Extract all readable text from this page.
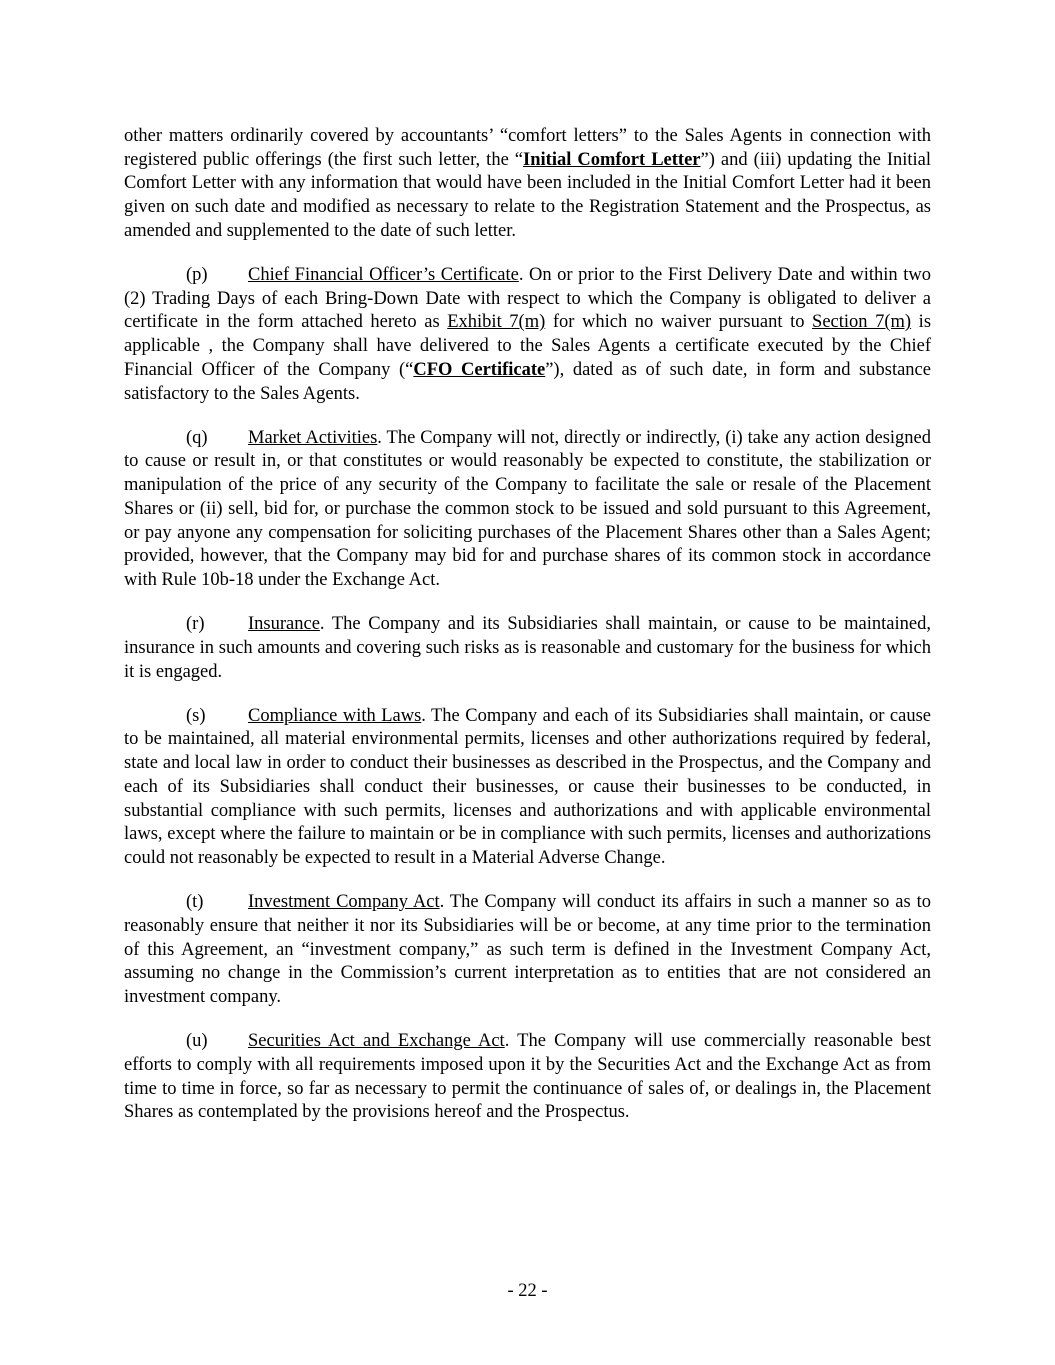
other matters ordinarily covered by accountants’ “comfort letters” to the Sales Agents in connection with registered public offerings (the first such letter, the “Initial Comfort Letter”) and (iii) updating the Initial Comfort Letter with any information that would have been included in the Initial Comfort Letter had it been given on such date and modified as necessary to relate to the Registration Statement and the Prospectus, as amended and supplemented to the date of such letter.

(p) Chief Financial Officer’s Certificate. On or prior to the First Delivery Date and within two (2) Trading Days of each Bring-Down Date with respect to which the Company is obligated to deliver a certificate in the form attached hereto as Exhibit 7(m) for which no waiver pursuant to Section 7(m) is applicable , the Company shall have delivered to the Sales Agents a certificate executed by the Chief Financial Officer of the Company (“CFO Certificate”), dated as of such date, in form and substance satisfactory to the Sales Agents.

(q) Market Activities. The Company will not, directly or indirectly, (i) take any action designed to cause or result in, or that constitutes or would reasonably be expected to constitute, the stabilization or manipulation of the price of any security of the Company to facilitate the sale or resale of the Placement Shares or (ii) sell, bid for, or purchase the common stock to be issued and sold pursuant to this Agreement, or pay anyone any compensation for soliciting purchases of the Placement Shares other than a Sales Agent; provided, however, that the Company may bid for and purchase shares of its common stock in accordance with Rule 10b-18 under the Exchange Act.

(r) Insurance. The Company and its Subsidiaries shall maintain, or cause to be maintained, insurance in such amounts and covering such risks as is reasonable and customary for the business for which it is engaged.

(s) Compliance with Laws. The Company and each of its Subsidiaries shall maintain, or cause to be maintained, all material environmental permits, licenses and other authorizations required by federal, state and local law in order to conduct their businesses as described in the Prospectus, and the Company and each of its Subsidiaries shall conduct their businesses, or cause their businesses to be conducted, in substantial compliance with such permits, licenses and authorizations and with applicable environmental laws, except where the failure to maintain or be in compliance with such permits, licenses and authorizations could not reasonably be expected to result in a Material Adverse Change.

(t) Investment Company Act. The Company will conduct its affairs in such a manner so as to reasonably ensure that neither it nor its Subsidiaries will be or become, at any time prior to the termination of this Agreement, an “investment company,” as such term is defined in the Investment Company Act, assuming no change in the Commission’s current interpretation as to entities that are not considered an investment company.

(u) Securities Act and Exchange Act. The Company will use commercially reasonable best efforts to comply with all requirements imposed upon it by the Securities Act and the Exchange Act as from time to time in force, so far as necessary to permit the continuance of sales of, or dealings in, the Placement Shares as contemplated by the provisions hereof and the Prospectus.

- 22 -
